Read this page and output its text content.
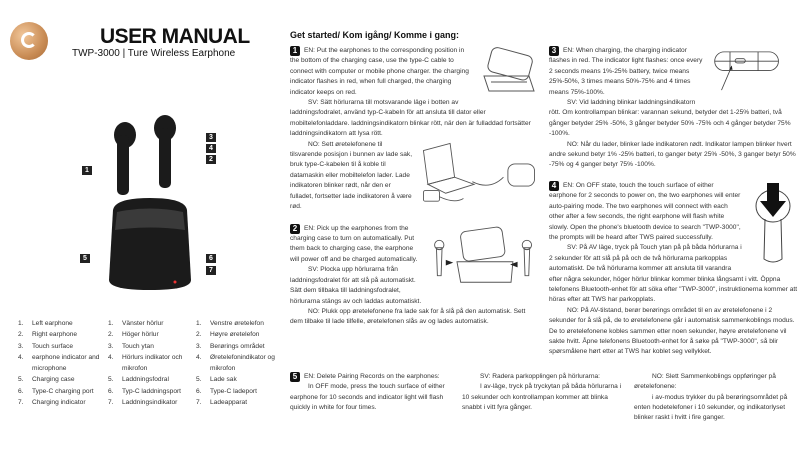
USER MANUAL
TWP-3000 | Ture Wireless Earphone
1
2
3
4
5	6
7
1.	Left earphone
2.	Right earphone
3.	Touch surface
4.	earphone indicator and microphone
5.	Charging case
6.	Type-C charging port
7.	Charging indicator
1.	Vänster hörlur
2.	Höger hörlur
3.	Touch ytan
4.	Hörlurs indikator och mikrofon
5.	Laddningsfodral
6.	Typ-C laddningsport
7.	Laddningsindikator
1.	Venstre øretelefon
2.	Høyre øretelefon
3.	Berørings området
4.	Øretelefonindikator og mikrofon
5.	Lade sak
6.	Type-C ladeport
7.	Ladeapparat
Get started/ Kom igång/ Komme i gang:

1 EN: Put the earphones to the corresponding position in the bottom of the charging case, use the type-C cable to connect with computer or mobile phone charger. the charging indicator flashes in red, when full charged, the charging indicator keeps on red.

SV: Sätt hörlurarna till motsvarande läge i botten av laddningsfodralet, använd typ-C-kabeln för att ansluta till dator eller mobiltelefonladdare. laddningsindikatorn blinkar rött, när den är fulladdad fortsätter laddningsindikatorn att lysa rött.

NO: Sett øretelefonene til tilsvarende posisjon i bunnen av lade sak, bruk type-C-kabelen til å koble til datamaskin eller mobiltelefon lader. Lade indikatoren blinker rødt, når den er fulladet, fortsetter lade indikatoren å være rød.

2 EN: Pick up the earphones from the charging case to turn on automatically. Put them back to charging case, the earphone will power off and be charged automatically.

SV: Plocka upp hörlurarna från laddningsfodralet för att slå på automatiskt. Sätt dem tillbaka till laddningsfodralet, hörlurarna stängs av och laddas automatiskt.

NO: Plukk opp øretelefonene fra lade sak for å slå på den automatisk. Sett dem tilbake til lade tilfelle, øretelefonen slås av og lades automatisk.

3 EN: When charging, the charging indicator flashes in red. The indicator light flashes: once every 2 seconds means 1%-25% battery, twice means 25%-50%, 3 times means 50%-75% and 4 times means 75%-100%.

SV: Vid laddning blinkar laddningsindikatorn rött. Om kontrollampan blinkar: varannan sekund, betyder det 1-25% batteri, två gånger betyder 25% -50%, 3 gånger betyder 50% -75% och 4 gånger betyder 75% -100%.

NO: Når du lader, blinker lade indikatoren rødt. Indikator lampen blinker hvert andre sekund betyr 1% -25% batteri, to ganger betyr 25% -50%, 3 ganger betyr 50% -75% og 4 ganger betyr 75% -100%.

4 EN: On OFF state, touch the touch surface of either earphone for 2 seconds to power on, the two earphones will enter auto-pairing mode. The two earphones will connect with each other after a few seconds, the right earphone will flash white slowly. Open the phone's bluetooth device to search "TWP-3000", the prompts will be heard after TWS paired successfully.

SV: På AV läge, tryck på Touch ytan på på båda hörlurarna i 2 sekunder för att slå på på och de två hörlurarna parkopplas automatiskt. De två hörlurarna kommer att ansluta till varandra efter några sekunder, höger hörlur blinkar kommer blinka långsamt i vitt. Öppna telefonens Bluetooth-enhet för att söka efter "TWP-3000", instruktionerna kommer att höras efter att TWS har parkopplats.

NO: På AV-tilstand, berør berørings området til en av øretelefonene i 2 sekunder for å slå på, de to øretelefonene går i automatisk sammenkoblings modus. De to øretelefonene kobles sammen etter noen sekunder, høyre øretelefonene vil sakte hvitt. Åpne telefonens Bluetooth-enhet for å søke på "TWP-3000", så blir spørsmålene hørt etter at TWS har koblet seg vellykket.

5 EN: Delete Pairing Records on the earphones:

In OFF mode, press the touch surface of either earphone for 10 seconds and indicator light will flash quickly in white for four times.

SV: Radera parkopplingen på hörlurarna:

I av-läge, tryck på tryckytan på båda hörlurarna i 10 sekunder och kontrollampan kommer att blinka snabbt i vitt fyra gånger.

NO: Slett Sammenkoblings oppføringer på øretelefonene:

i av-modus trykker du på berøringsområdet på enten hodetelefoner i 10 sekunder, og indikatorlyset blinker raskt i hvitt i fire ganger.
